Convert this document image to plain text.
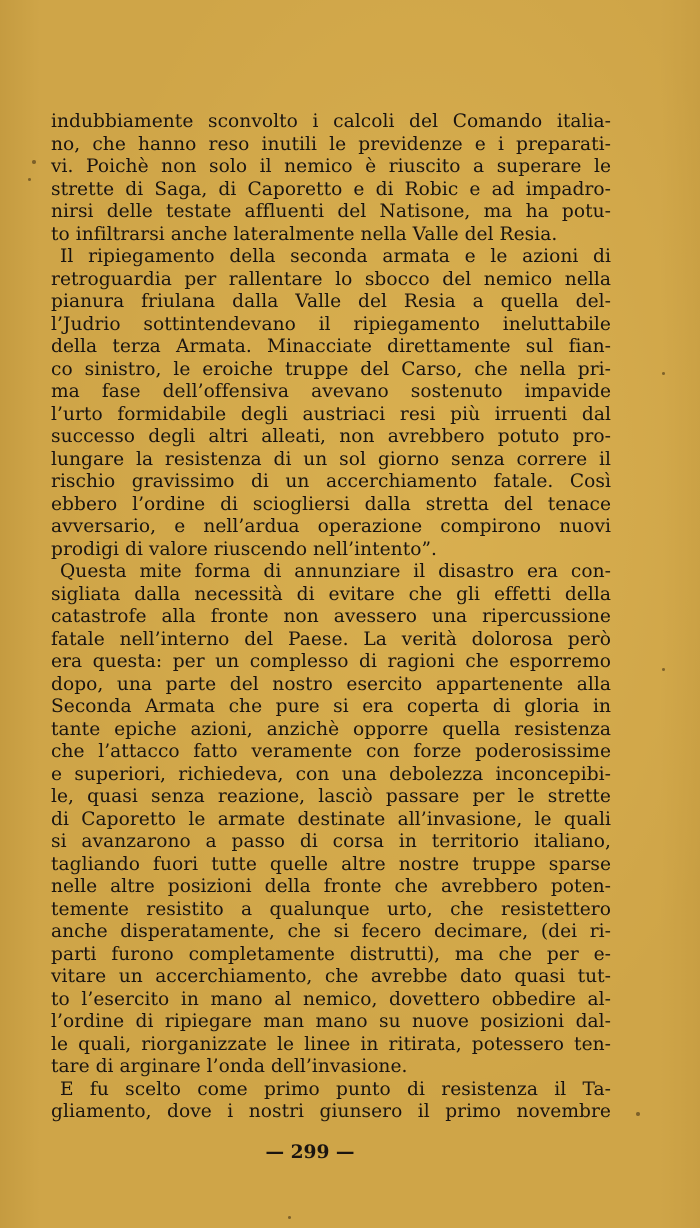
indubbiamente sconvolto i calcoli del Comando italia-
no, che hanno reso inutili le previdenze e i preparati-
vi. Poichè non solo il nemico è riuscito a superare le
strette di Saga, di Caporetto e di Robic e ad impadro-
nirsi delle testate affluenti del Natisone, ma ha potu-
to infiltrarsi anche lateralmente nella Valle del Resia.
Il ripiegamento della seconda armata e le azioni di
retroguardia per rallentare lo sbocco del nemico nella
pianura friulana dalla Valle del Resia a quella del-
l’Judrio sottintendevano il ripiegamento ineluttabile
della terza Armata. Minacciate direttamente sul fian-
co sinistro, le eroiche truppe del Carso, che nella pri-
ma fase dell’offensiva avevano sostenuto impavide
l’urto formidabile degli austriaci resi più irruenti dal
successo degli altri alleati, non avrebbero potuto pro-
lungare la resistenza di un sol giorno senza correre il
rischio gravissimo di un accerchiamento fatale. Così
ebbero l’ordine di sciogliersi dalla stretta del tenace
avversario, e nell’ardua operazione compirono nuovi
prodigi di valore riuscendo nell’intento”.
Questa mite forma di annunziare il disastro era con-
sigliata dalla necessità di evitare che gli effetti della
catastrofe alla fronte non avessero una ripercussione
fatale nell’interno del Paese. La verità dolorosa però
era questa: per un complesso di ragioni che esporremo
dopo, una parte del nostro esercito appartenente alla
Seconda Armata che pure si era coperta di gloria in
tante epiche azioni, anzichè opporre quella resistenza
che l’attacco fatto veramente con forze poderosissime
e superiori, richiedeva, con una debolezza inconcepibi-
le, quasi senza reazione, lasciò passare per le strette
di Caporetto le armate destinate all’invasione, le quali
si avanzarono a passo di corsa in territorio italiano,
tagliando fuori tutte quelle altre nostre truppe sparse
nelle altre posizioni della fronte che avrebbero poten-
temente resistito a qualunque urto, che resistettero
anche disperatamente, che si fecero decimare, (dei ri-
parti furono completamente distrutti), ma che per e-
vitare un accerchiamento, che avrebbe dato quasi tut-
to l’esercito in mano al nemico, dovettero obbedire al-
l’ordine di ripiegare man mano su nuove posizioni dal-
le quali, riorganizzate le linee in ritirata, potessero ten-
tare di arginare l’onda dell’invasione.
E fu scelto come primo punto di resistenza il Ta-
gliamento, dove i nostri giunsero il primo novembre
— 299 —
